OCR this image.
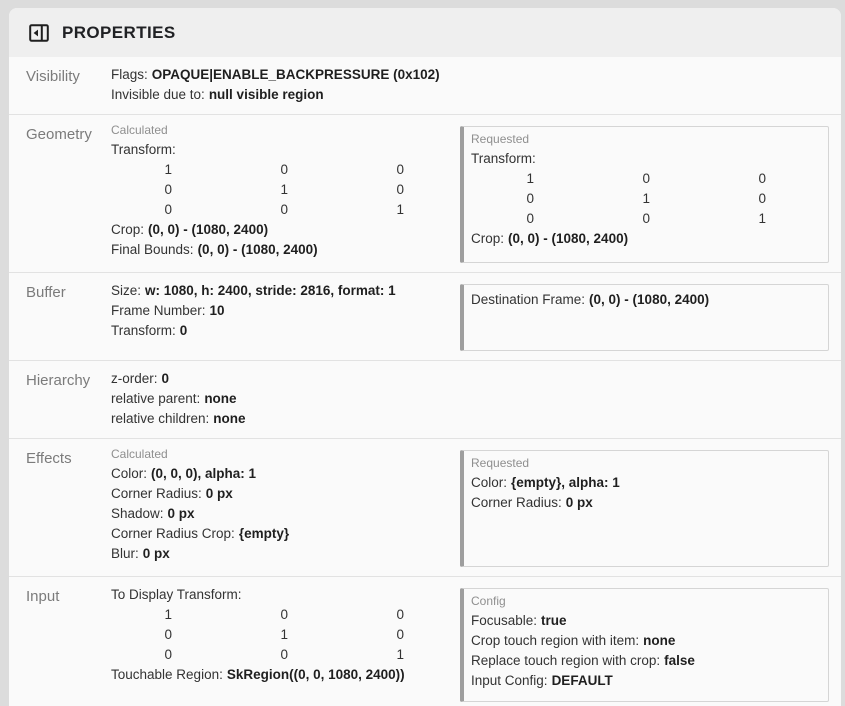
PROPERTIES
Visibility	Flags: OPAQUE|ENABLE_BACKPRESSURE (0x102)
Invisible due to: null visible region
Geometry	Calculated
Transform:
1	0	0
0	1	0
0	0	1
Crop: (0, 0) - (1080, 2400)
Final Bounds: (0, 0) - (1080, 2400)
Requested
Transform:
1	0	0
0	1	0
0	0	1
Crop: (0, 0) - (1080, 2400)
Buffer	Size: w: 1080, h: 2400, stride: 2816, format: 1
Frame Number: 10
Transform: 0
Destination Frame: (0, 0) - (1080, 2400)
Hierarchy	z-order: 0
relative parent: none
relative children: none
Effects	Calculated
Color: (0, 0, 0), alpha: 1
Corner Radius: 0 px
Shadow: 0 px
Corner Radius Crop: {empty}
Blur: 0 px
Requested
Color: {empty}, alpha: 1
Corner Radius: 0 px
Input	To Display Transform:
1	0	0
0	1	0
0	0	1
Touchable Region: SkRegion((0, 0, 1080, 2400))
Config
Focusable: true
Crop touch region with item: none
Replace touch region with crop: false
Input Config: DEFAULT
